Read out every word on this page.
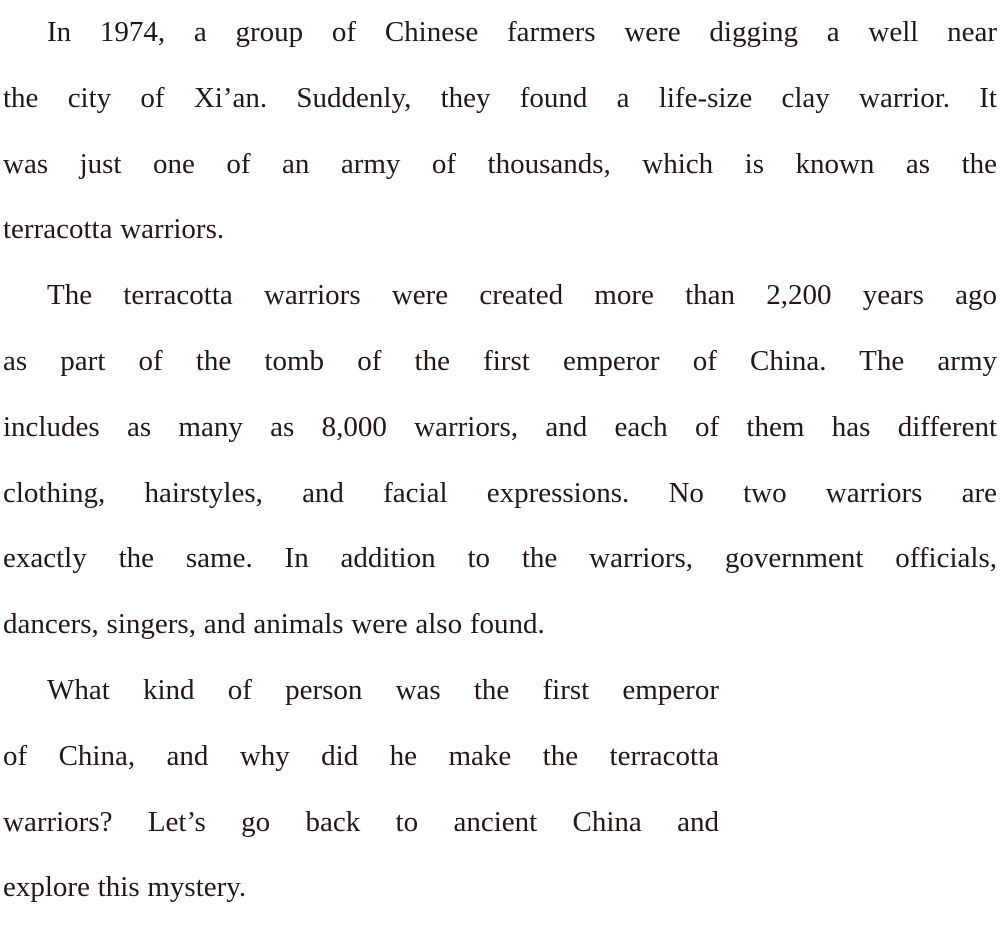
In 1974, a group of Chinese farmers were digging a well near
the city of Xi’an. Suddenly, they found a life-size clay warrior. It
was just one of an army of thousands, which is known as the
terracotta warriors.

The terracotta warriors were created more than 2,200 years ago
as part of the tomb of the first emperor of China. The army
includes as many as 8,000 warriors, and each of them has different
clothing, hairstyles, and facial expressions. No two warriors are
exactly the same. In addition to the warriors, government officials,
dancers, singers, and animals were also found.

What kind of person was the first emperor
of China, and why did he make the terracotta
warriors? Let’s go back to ancient China and
explore this mystery.
